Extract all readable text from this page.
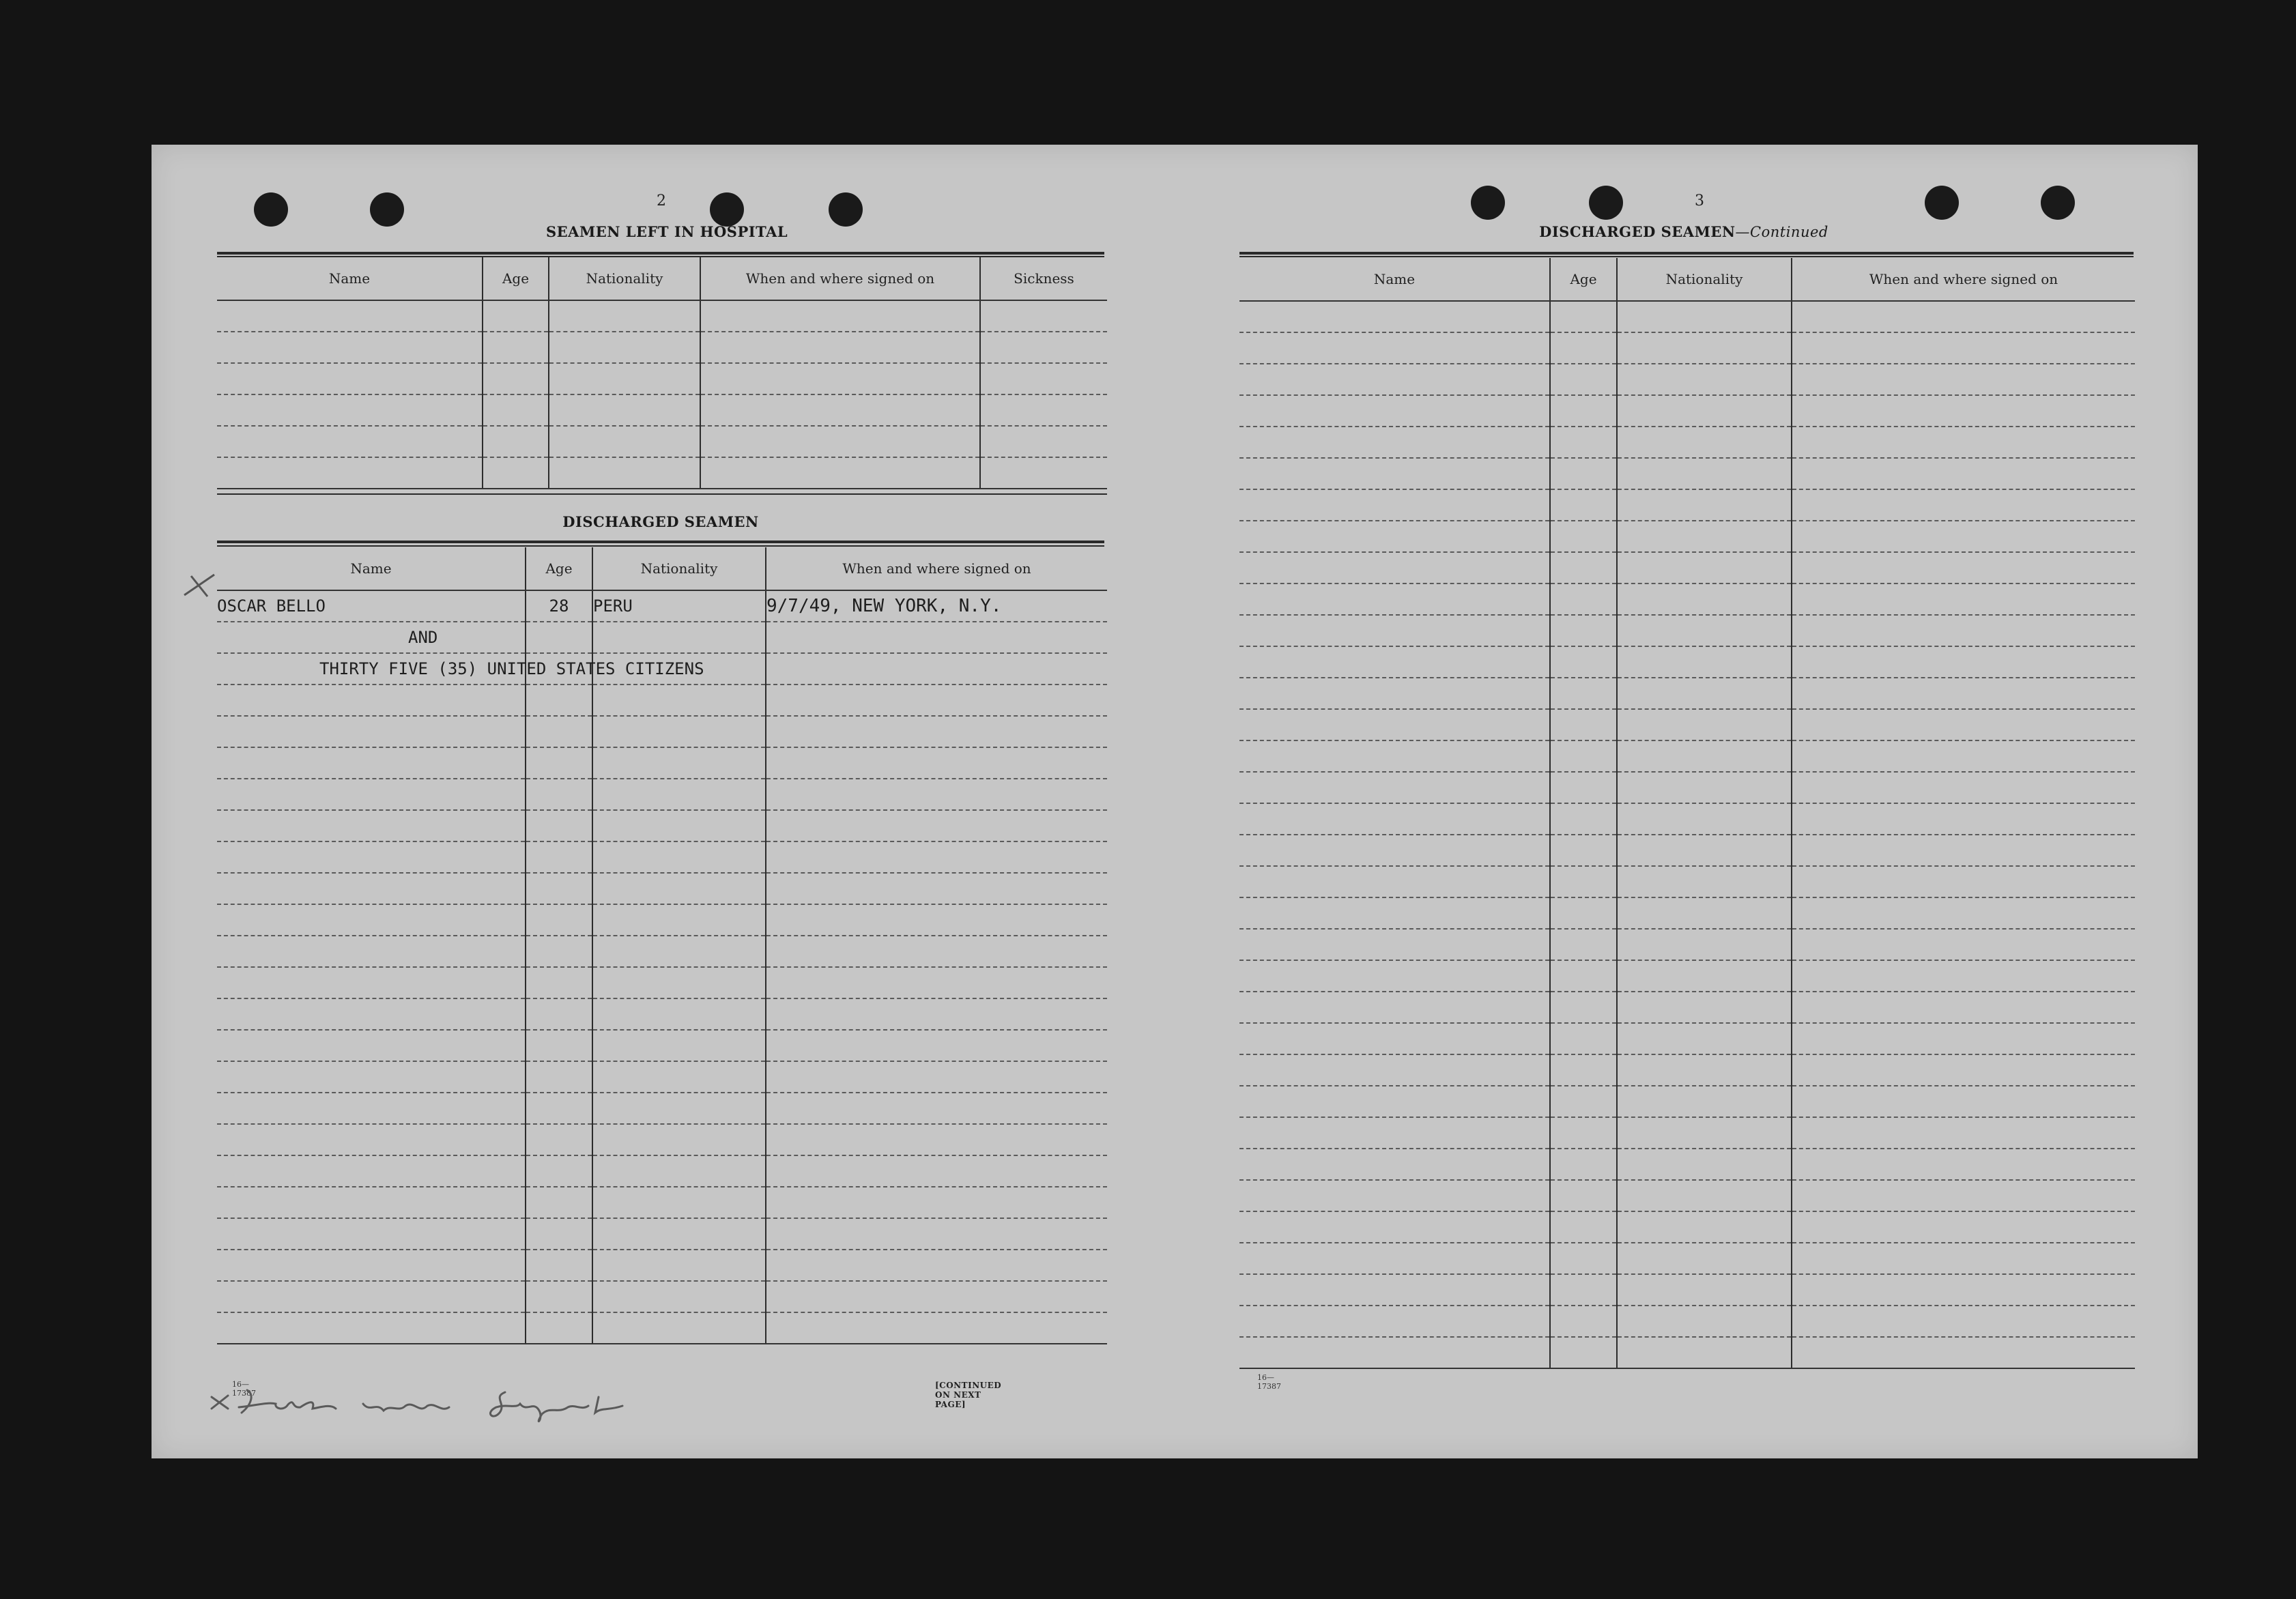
2
SEAMEN LEFT IN HOSPITAL
Name	Age	Nationality	When and where signed on	Sickness

DISCHARGED SEAMEN
Name	Age	Nationality	When and where signed on
OSCAR BELLO	28	PERU	9/7/49, NEW YORK, N.Y.
AND			
THIRTY FIVE (35) UNITED STATES CITIZENS			

16—17387
[CONTINUED ON NEXT PAGE]
3
DISCHARGED SEAMEN—Continued
Name	Age	Nationality	When and where signed on

16—17387
